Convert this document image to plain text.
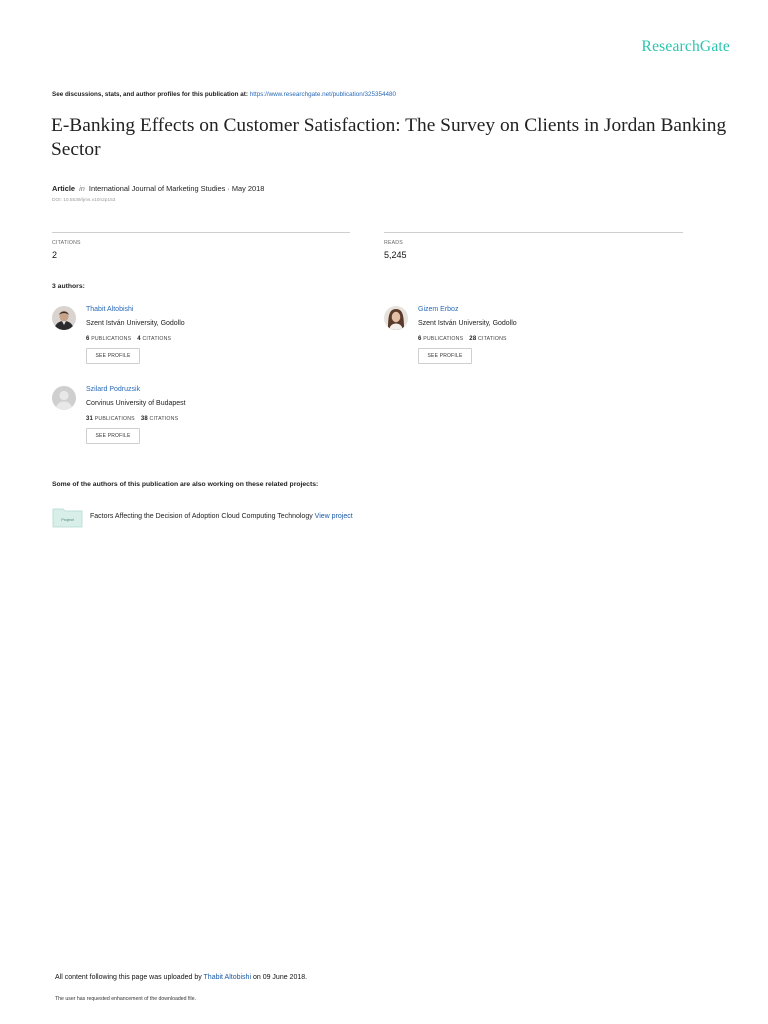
ResearchGate
See discussions, stats, and author profiles for this publication at: https://www.researchgate.net/publication/325354480
E-Banking Effects on Customer Satisfaction: The Survey on Clients in Jordan Banking Sector
Article in International Journal of Marketing Studies · May 2018
DOI: 10.5539/ijms.v10n2p153
CITATIONS
2
READS
5,245
3 authors:
Thabit Altobishi
Szent István University, Godollo
6 PUBLICATIONS 4 CITATIONS
SEE PROFILE
Gizem Erboz
Szent István University, Godollo
6 PUBLICATIONS 28 CITATIONS
SEE PROFILE
Szilard Podruzsik
Corvinus University of Budapest
31 PUBLICATIONS 38 CITATIONS
SEE PROFILE
Some of the authors of this publication are also working on these related projects:
Project Factors Affecting the Decision of Adoption Cloud Computing Technology View project
All content following this page was uploaded by Thabit Altobishi on 09 June 2018.
The user has requested enhancement of the downloaded file.
